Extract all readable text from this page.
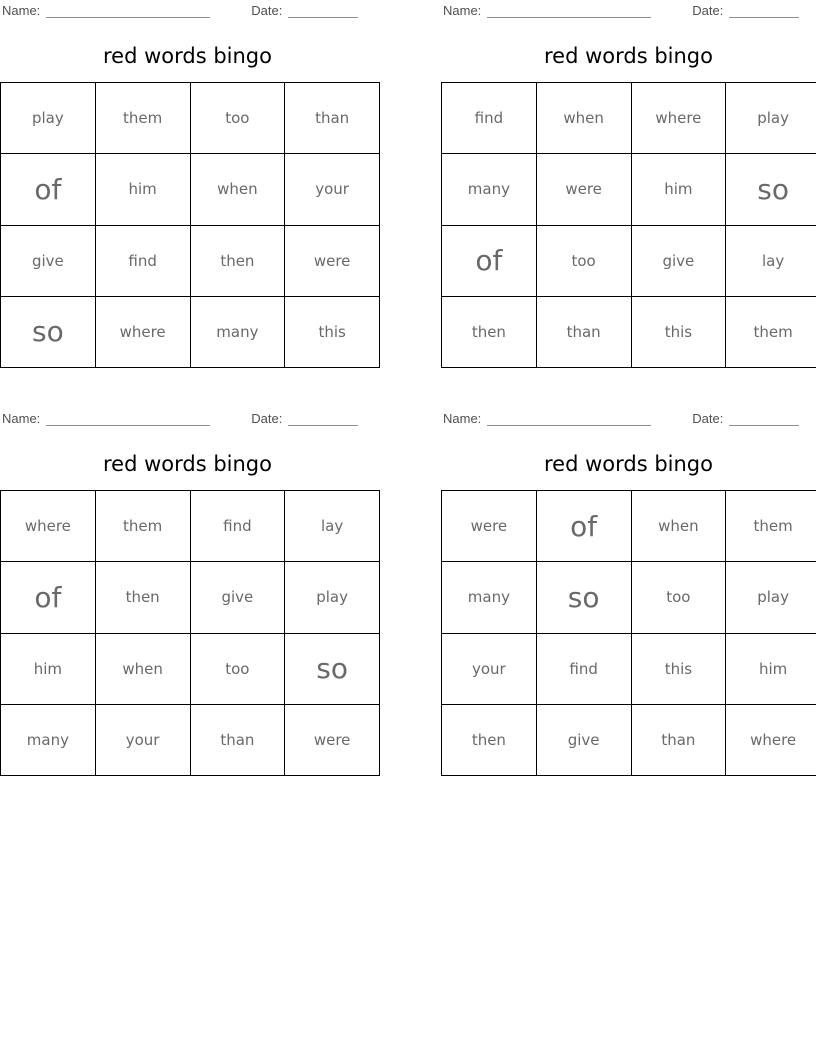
Name:	Date:
red words bingo
play	them	too	than
of	him	when	your
give	find	then	were
so	where	many	this
Name:	Date:
red words bingo
find	when	where	play
many	were	him	so
of	too	give	lay
then	than	this	them
Name:	Date:
red words bingo
where	them	find	lay
of	then	give	play
him	when	too	so
many	your	than	were
Name:	Date:
red words bingo
were	of	when	them
many	so	too	play
your	find	this	him
then	give	than	where
